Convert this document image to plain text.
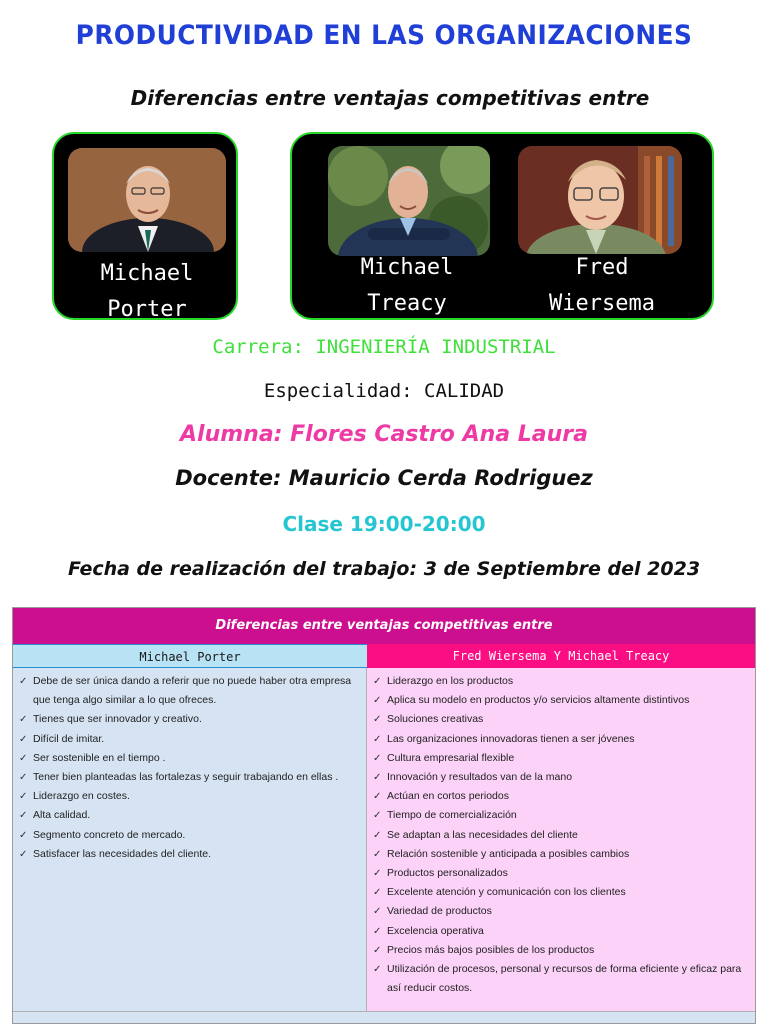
PRODUCTIVIDAD EN LAS ORGANIZACIONES
Diferencias entre ventajas competitivas entre
Michael
Porter
Michael
Treacy
Fred
Wiersema
Carrera: INGENIERÍA INDUSTRIAL
Especialidad: CALIDAD
Alumna: Flores Castro Ana Laura
Docente: Mauricio Cerda Rodriguez
Clase 19:00-20:00
Fecha de realización del trabajo: 3 de Septiembre del 2023
Diferencias entre ventajas competitivas entre
Michael Porter	Fred Wiersema Y Michael Treacy
✓ Debe de ser única dando a referir que no puede haber otra empresa que tenga algo similar a lo que ofreces.
✓ Tienes que ser innovador y creativo.
✓ Difícil de imitar.
✓ Ser sostenible en el tiempo .
✓ Tener bien planteadas las fortalezas y seguir trabajando en ellas .
✓ Liderazgo en costes.
✓ Alta calidad.
✓ Segmento concreto de mercado.
✓ Satisfacer las necesidades del cliente.
✓ Liderazgo en los productos
✓ Aplica su modelo en productos y/o servicios altamente distintivos
✓ Soluciones creativas
✓ Las organizaciones innovadoras tienen a ser jóvenes
✓ Cultura empresarial flexible
✓ Innovación y resultados van de la mano
✓ Actúan en cortos periodos
✓ Tiempo de comercialización
✓ Se adaptan a las necesidades del cliente
✓ Relación sostenible y anticipada a posibles cambios
✓ Productos personalizados
✓ Excelente atención y comunicación con los clientes
✓ Variedad de productos
✓ Excelencia operativa
✓ Precios más bajos posibles de los productos
✓ Utilización de procesos, personal y recursos de forma eficiente y eficaz para así reducir costos.
